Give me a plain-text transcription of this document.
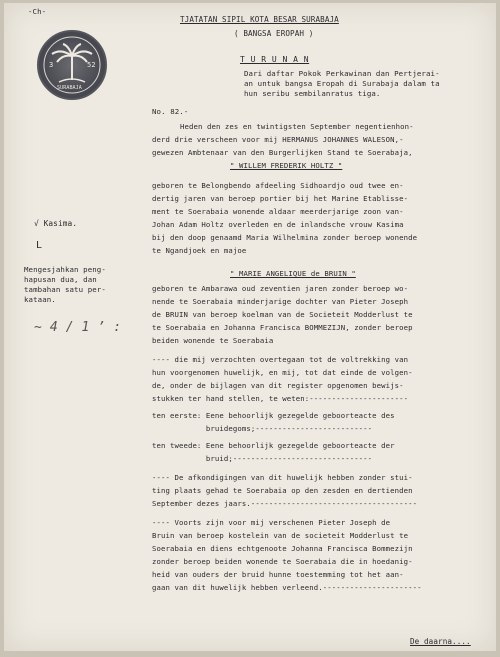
-Ch-
3	52
SURABAJA
TJATATAN SIPIL KOTA BESAR SURABAJA
( BANGSA EROPAH )
T U R U N A N
Dari daftar Pokok Perkawinan dan Pertjerai-
an untuk bangsa Eropah di Surabaja dalam ta
hun seribu sembilanratus tiga.
No. 82.-
Heden den zes en twintigsten September negentienhon-
derd drie verscheen voor mij HERMANUS JOHANNES WALESON,-
gewezen Ambtenaar van den Burgerlijken Stand te Soerabaja,
" WILLEM FREDERIK HOLTZ "
geboren te Belongbendo afdeeling Sidhoardjo oud twee en-
dertig jaren van beroep portier bij het Marine Etablisse-
ment te Soerabaia wonende aldaar meerderjarige zoon van-
Johan Adam Holtz overleden en de inlandsche vrouw Kasima
bij den doop genaamd Maria Wilhelmina zonder beroep wonende
te Ngandjoek en majoe
" MARIE ANGELIQUE de BRUIN "
geboren te Ambarawa oud zeventien jaren zonder beroep wo-
nende te Soerabaia minderjarige dochter van Pieter Joseph
de BRUIN van beroep koelman van de Societeit Modderlust te
te Soerabaia en Johanna Francisca BOMMEZIJN, zonder beroep
beiden wonende te Soerabaia
---- die mij verzochten overtegaan tot de voltrekking van
hun voorgenomen huwelijk, en mij, tot dat einde de volgen-
de, onder de bijlagen van dit register opgenomen bewijs-
stukken ter hand stellen, te weten:----------------------
ten eerste: Eene behoorlijk gezegelde geboorteacte des
bruidegoms;--------------------------
ten tweede: Eene behoorlijk gezegelde geboorteacte der
bruid;-------------------------------
---- De afkondigingen van dit huwelijk hebben zonder stui-
ting plaats gehad te Soerabaia op den zesden en dertienden
September dezes jaars.-------------------------------------
---- Voorts zijn voor mij verschenen Pieter Joseph de
Bruin van beroep kostelein van de societeit Modderlust te
Soerabaia en diens echtgenoote Johanna Francisca Bommezijn
zonder beroep beiden wonende te Soerabaia die in hoedanig-
heid van ouders der bruid hunne toestemming tot het aan-
gaan van dit huwelijk hebben verleend.----------------------
√ Kasima.
L
Mengesjahkan peng-
hapusan dua, dan
tambahan satu per-
kataan.
~ 4 / 1 ’ :
De daarna....
